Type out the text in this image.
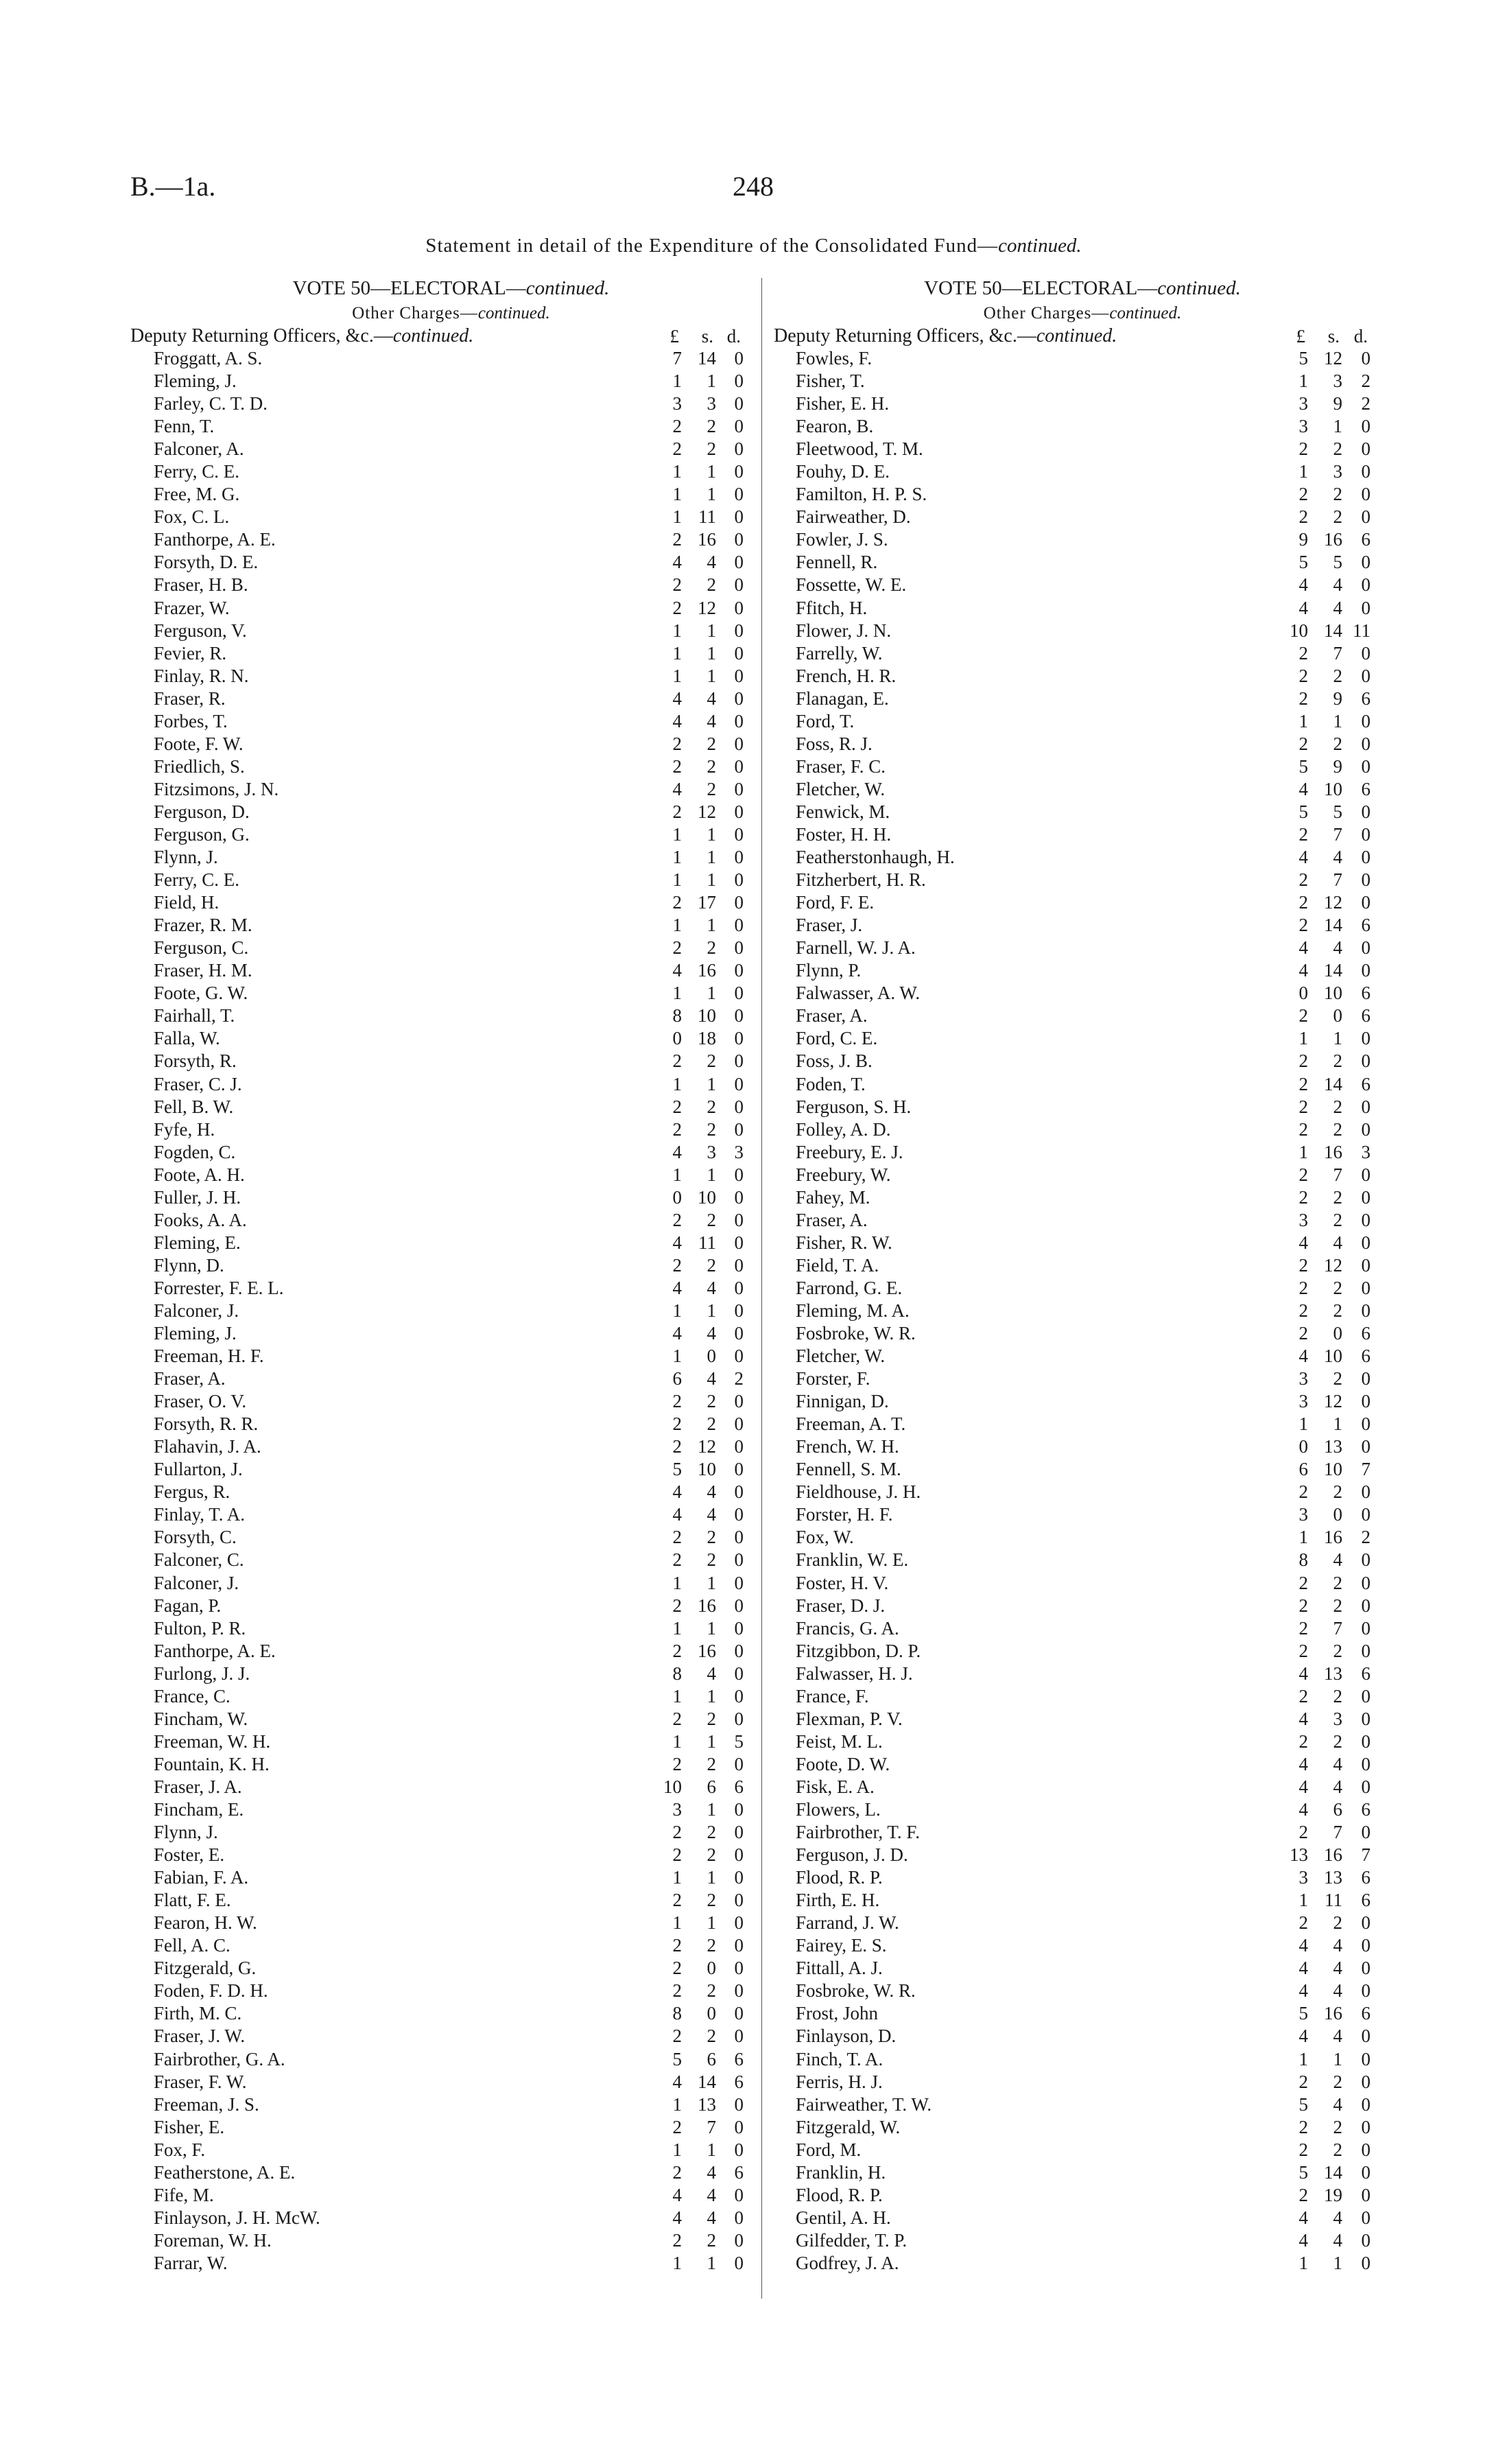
B.—1a.	248
Statement in detail of the Expenditure of the Consolidated Fund—continued.
VOTE 50—ELECTORAL—continued.
Other Charges—continued.
Deputy Returning Officers, &c.—continued.	£	s. d.
Froggatt, A. S.	7 14 0
Fleming, J.	1	1 0
Farley, C. T. D.	3	3 0
Fenn, T.	2	2 0
Falconer, A.	2	2 0
Ferry, C. E.	1	1 0
Free, M. G.	1	1 0
Fox, C. L.	1 11 0
Fanthorpe, A. E.	2 16 0
Forsyth, D. E.	4	4 0
Fraser, H. B.	2	2 0
Frazer, W.	2 12 0
Ferguson, V.	1	1 0
Fevier, R.	1	1 0
Finlay, R. N.	1	1 0
Fraser, R.	4	4 0
Forbes, T.	4	4 0
Foote, F. W.	2	2 0
Friedlich, S.	2	2 0
Fitzsimons, J. N.	4	2 0
Ferguson, D.	2 12 0
Ferguson, G.	1	1 0
Flynn, J.	1	1 0
Ferry, C. E.	1	1 0
Field, H.	2 17 0
Frazer, R. M.	1	1 0
Ferguson, C.	2	2 0
Fraser, H. M.	4 16 0
Foote, G. W.	1	1 0
Fairhall, T.	8 10 0
Falla, W.	0 18 0
Forsyth, R.	2	2 0
Fraser, C. J.	1	1 0
Fell, B. W.	2	2 0
Fyfe, H.	2	2 0
Fogden, C.	4	3 3
Foote, A. H.	1	1 0
Fuller, J. H.	0 10 0
Fooks, A. A.	2	2 0
Fleming, E.	4 11 0
Flynn, D.	2	2 0
Forrester, F. E. L.	4	4 0
Falconer, J.	1	1 0
Fleming, J.	4	4 0
Freeman, H. F.	1	0 0
Fraser, A.	6	4 2
Fraser, O. V.	2	2 0
Forsyth, R. R.	2	2 0
Flahavin, J. A.	2 12 0
Fullarton, J.	5 10 0
Fergus, R.	4	4 0
Finlay, T. A.	4	4 0
Forsyth, C.	2	2 0
Falconer, C.	2	2 0
Falconer, J.	1	1 0
Fagan, P.	2 16 0
Fulton, P. R.	1	1 0
Fanthorpe, A. E.	2 16 0
Furlong, J. J.	8	4 0
France, C.	1	1 0
Fincham, W.	2	2 0
Freeman, W. H.	1	1 5
Fountain, K. H.	2	2 0
Fraser, J. A.	10	6 6
Fincham, E.	3	1 0
Flynn, J.	2	2 0
Foster, E.	2	2 0
Fabian, F. A.	1	1 0
Flatt, F. E.	2	2 0
Fearon, H. W.	1	1 0
Fell, A. C.	2	2 0
Fitzgerald, G.	2	0 0
Foden, F. D. H.	2	2 0
Firth, M. C.	8	0 0
Fraser, J. W.	2	2 0
Fairbrother, G. A.	5	6 6
Fraser, F. W.	4 14 6
Freeman, J. S.	1 13 0
Fisher, E.	2	7 0
Fox, F.	1	1 0
Featherstone, A. E.	2	4 6
Fife, M.	4	4 0
Finlayson, J. H. McW.	4	4 0
Foreman, W. H.	2	2 0
Farrar, W.	1	1 0
VOTE 50—ELECTORAL—continued.
Other Charges—continued.
Deputy Returning Officers, &c.—continued.	£	s. d.
Fowles, F.	5 12	0
Fisher, T.	1	3	2
Fisher, E. H.	3	9	2
Fearon, B.	3	1	0
Fleetwood, T. M.	2	2	0
Fouhy, D. E.	1	3	0
Familton, H. P. S.	2	2	0
Fairweather, D.	2	2	0
Fowler, J. S.	9 16	6
Fennell, R.	5	5	0
Fossette, W. E.	4	4	0
Ffitch, H.	4	4	0
Flower, J. N.	10 14 11
Farrelly, W.	2	7	0
French, H. R.	2	2	0
Flanagan, E.	2	9	6
Ford, T.	1	1	0
Foss, R. J.	2	2	0
Fraser, F. C.	5	9	0
Fletcher, W.	4 10	6
Fenwick, M.	5	5	0
Foster, H. H.	2	7	0
Featherstonhaugh, H.	4	4	0
Fitzherbert, H. R.	2	7	0
Ford, F. E.	2 12	0
Fraser, J.	2 14	6
Farnell, W. J. A.	4	4	0
Flynn, P.	4 14	0
Falwasser, A. W.	0 10	6
Fraser, A.	2	0	6
Ford, C. E.	1	1	0
Foss, J. B.	2	2	0
Foden, T.	2 14	6
Ferguson, S. H.	2	2	0
Folley, A. D.	2	2	0
Freebury, E. J.	1 16	3
Freebury, W.	2	7	0
Fahey, M.	2	2	0
Fraser, A.	3	2	0
Fisher, R. W.	4	4	0
Field, T. A.	2 12	0
Farrond, G. E.	2	2	0
Fleming, M. A.	2	2	0
Fosbroke, W. R.	2	0	6
Fletcher, W.	4 10	6
Forster, F.	3	2	0
Finnigan, D.	3 12	0
Freeman, A. T.	1	1	0
French, W. H.	0 13	0
Fennell, S. M.	6 10	7
Fieldhouse, J. H.	2	2	0
Forster, H. F.	3	0	0
Fox, W.	1 16	2
Franklin, W. E.	8	4	0
Foster, H. V.	2	2	0
Fraser, D. J.	2	2	0
Francis, G. A.	2	7	0
Fitzgibbon, D. P.	2	2	0
Falwasser, H. J.	4 13	6
France, F.	2	2	0
Flexman, P. V.	4	3	0
Feist, M. L.	2	2	0
Foote, D. W.	4	4	0
Fisk, E. A.	4	4	0
Flowers, L.	4	6	6
Fairbrother, T. F.	2	7	0
Ferguson, J. D.	13 16	7
Flood, R. P.	3 13	6
Firth, E. H.	1 11	6
Farrand, J. W.	2	2	0
Fairey, E. S.	4	4	0
Fittall, A. J.	4	4	0
Fosbroke, W. R.	4	4	0
Frost, John	5 16	6
Finlayson, D.	4	4	0
Finch, T. A.	1	1	0
Ferris, H. J.	2	2	0
Fairweather, T. W.	5	4	0
Fitzgerald, W.	2	2	0
Ford, M.	2	2	0
Franklin, H.	5 14	0
Flood, R. P.	2 19	0
Gentil, A. H.	4	4	0
Gilfedder, T. P.	4	4	0
Godfrey, J. A.	1	1	0
